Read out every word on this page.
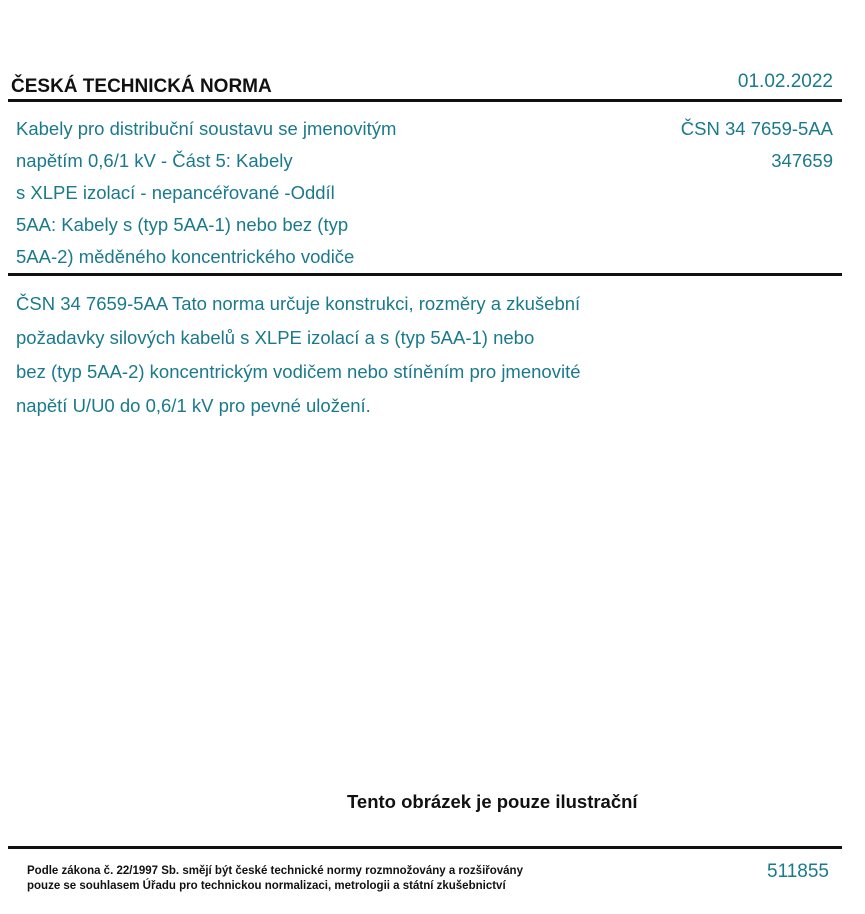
ČESKÁ TECHNICKÁ NORMA	01.02.2022
Kabely pro distribuční soustavu se jmenovitým
napětím 0,6/1 kV - Část 5: Kabely
s XLPE izolací - nepancéřované -Oddíl
5AA: Kabely s (typ 5AA-1) nebo bez (typ
5AA-2) měděného koncentrického vodiče
ČSN 34 7659-5AA
347659
ČSN 34 7659-5AA Tato norma určuje konstrukci, rozměry a zkušební
požadavky silových kabelů s XLPE izolací a s (typ 5AA-1) nebo
bez (typ 5AA-2) koncentrickým vodičem nebo stíněním pro jmenovité
napětí U/U0 do 0,6/1 kV pro pevné uložení.
Tento obrázek je pouze ilustrační
Podle zákona č. 22/1997 Sb. smějí být české technické normy rozmnožovány a rozšiřovány
pouze se souhlasem Úřadu pro technickou normalizaci, metrologii a státní zkušebnictví
511855
